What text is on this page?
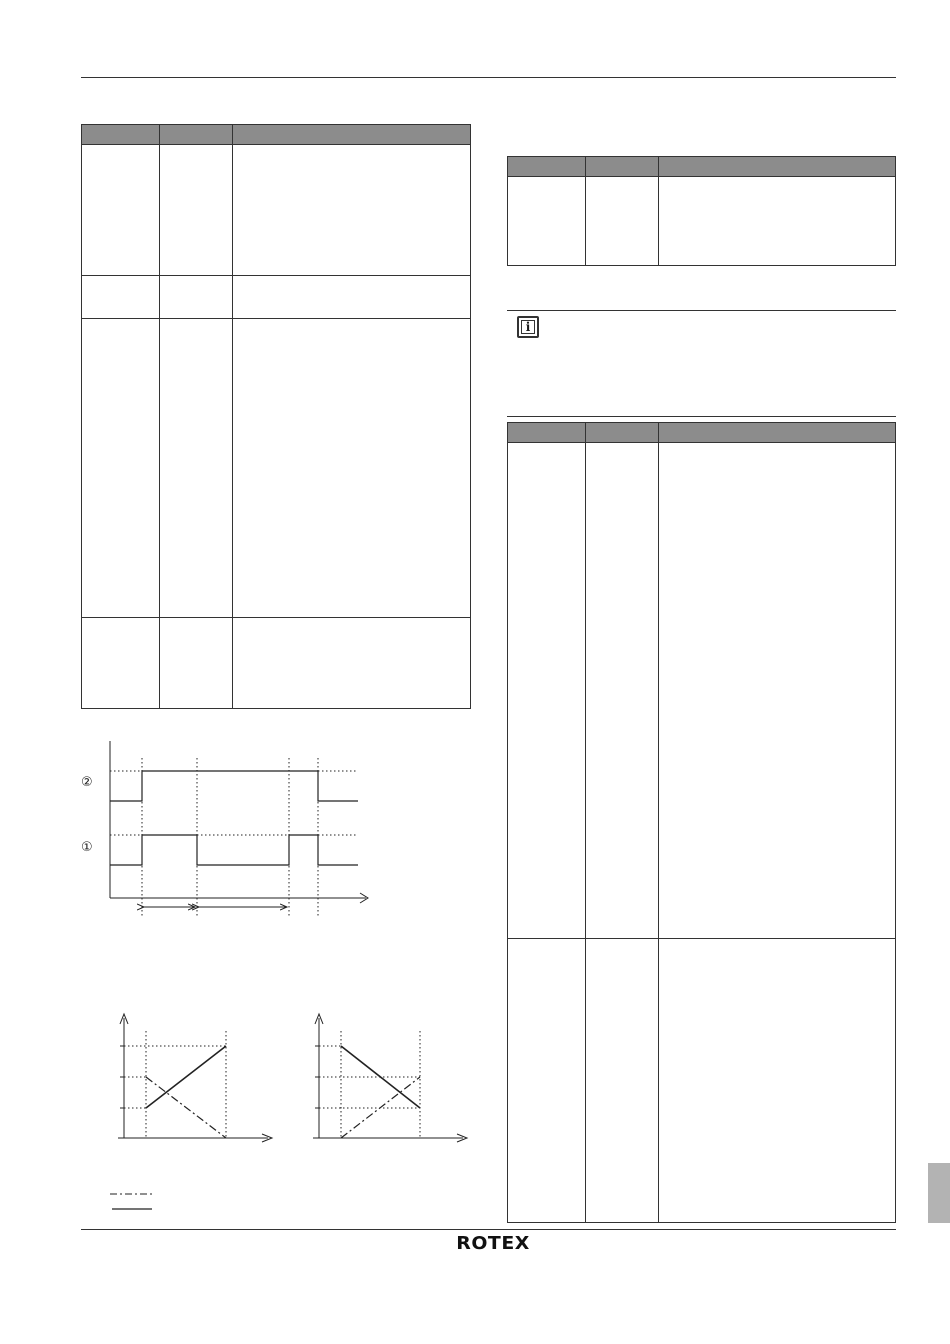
i

②
①
ROTEX
